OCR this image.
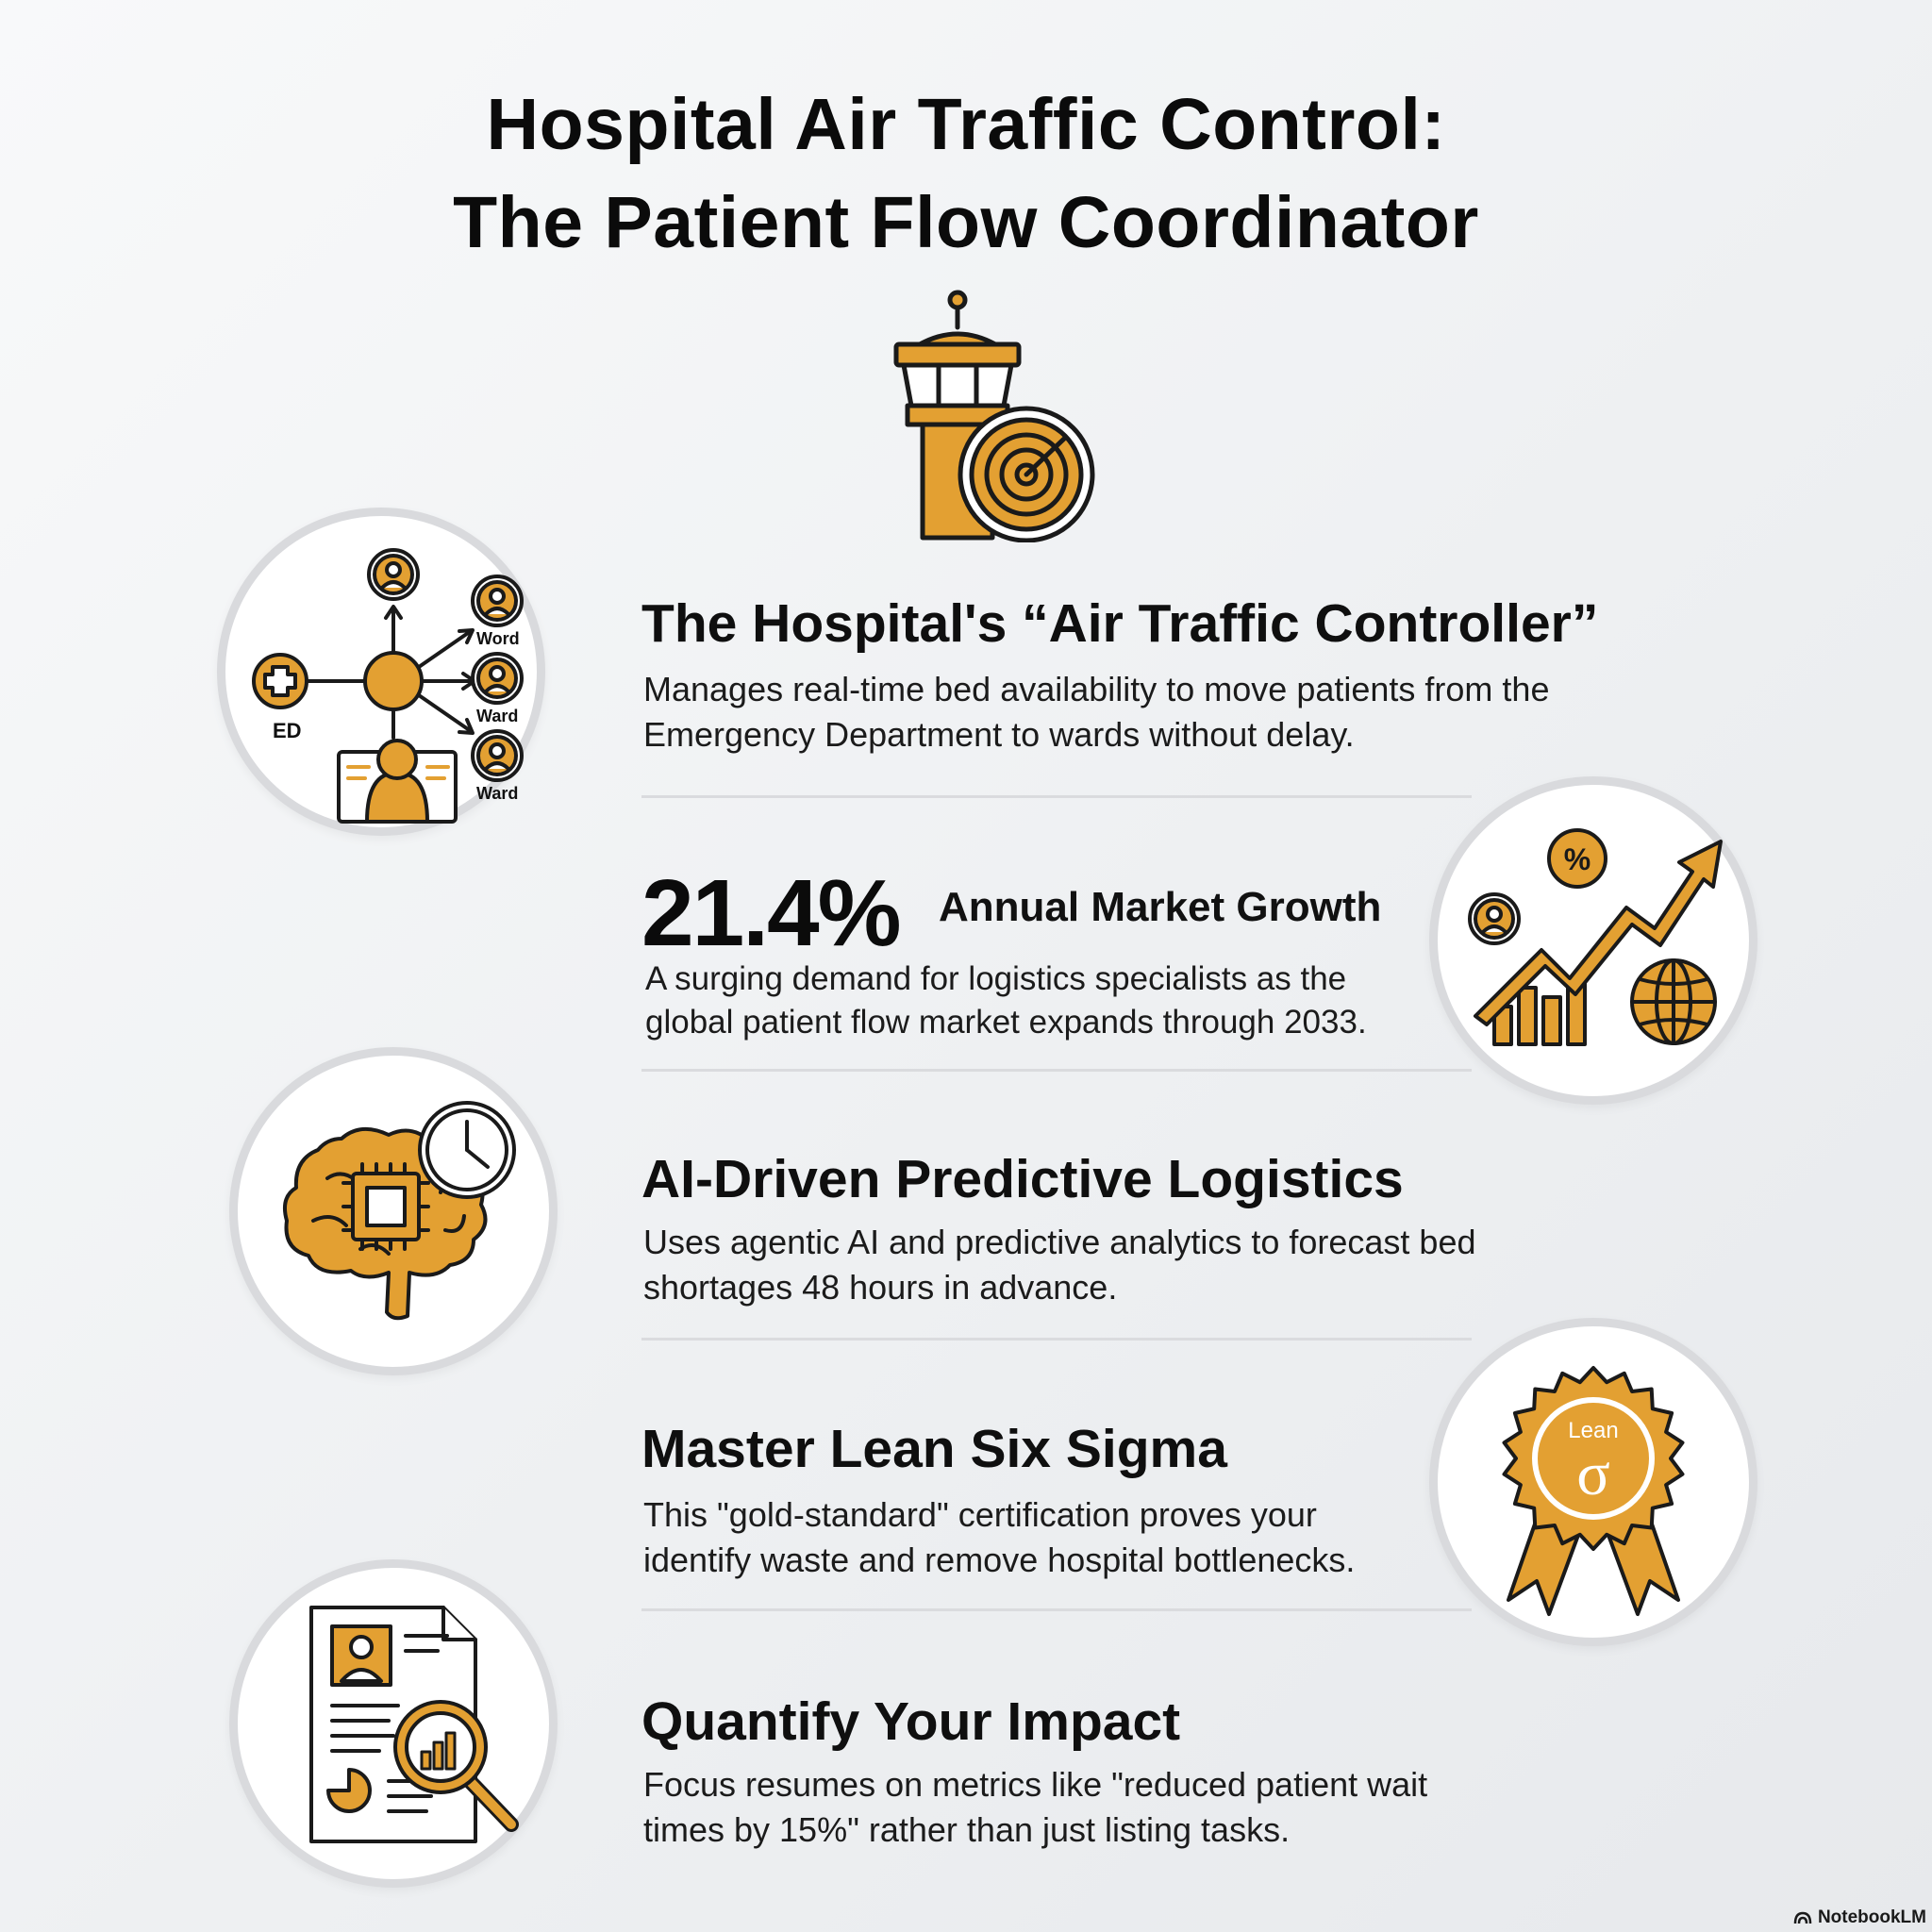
Hospital Air Traffic Control:
The Patient Flow Coordinator
ED
Word
Ward
Ward
The Hospital's “Air Traffic Controller”
Manages real-time bed availability to move patients from the
Emergency Department to wards without delay.
21.4% Annual Market Growth
A surging demand for logistics specialists as the
global patient flow market expands through 2033.
%
AI-Driven Predictive Logistics
Uses agentic AI and predictive analytics to forecast bed
shortages 48 hours in advance.
Master Lean Six Sigma
This "gold-standard" certification proves your
identify waste and remove hospital bottlenecks.
Lean
σ
Quantify Your Impact
Focus resumes on metrics like "reduced patient wait
times by 15%" rather than just listing tasks.
NotebookLM
